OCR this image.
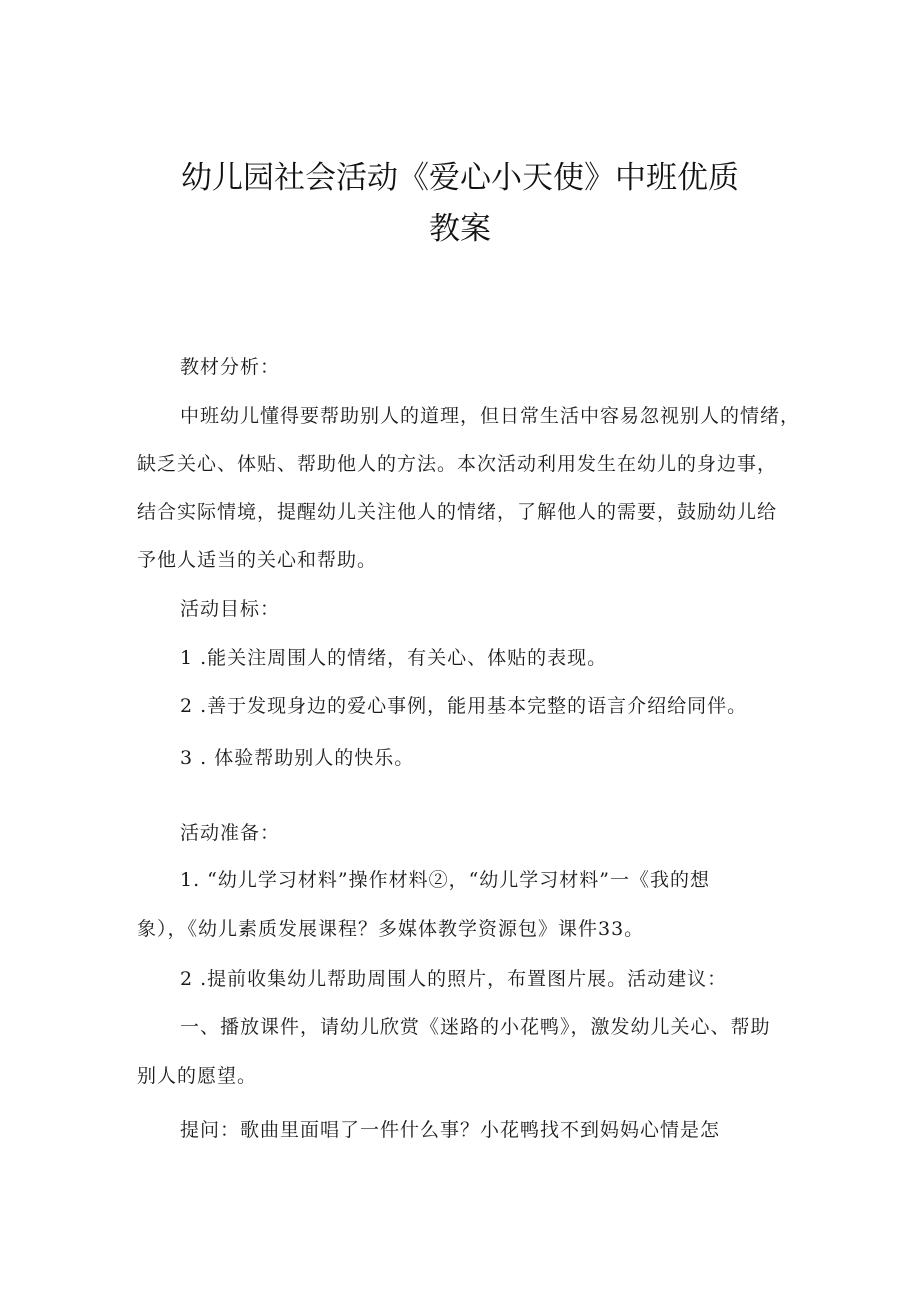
幼儿园社会活动《爱心小天使》中班优质
教案

教材分析：

中班幼儿懂得要帮助别人的道理，但日常生活中容易忽视别人的情绪，

缺乏关心、体贴、帮助他人的方法。本次活动利用发生在幼儿的身边事，

结合实际情境，提醒幼儿关注他人的情绪，了解他人的需要，鼓励幼儿给

予他人适当的关心和帮助。

活动目标：

1 .能关注周围人的情绪，有关心、体贴的表现。

2 .善于发现身边的爱心事例，能用基本完整的语言介绍给同伴。

3 . 体验帮助别人的快乐。

活动准备：

1. “幼儿学习材料”操作材料②，“幼儿学习材料”一《我的想

象），《幼儿素质发展课程？多媒体教学资源包》课件33。

2 .提前收集幼儿帮助周围人的照片，布置图片展。活动建议：

一、播放课件，请幼儿欣赏《迷路的小花鸭》，激发幼儿关心、帮助

别人的愿望。

提问：歌曲里面唱了一件什么事？小花鸭找不到妈妈心情是怎
